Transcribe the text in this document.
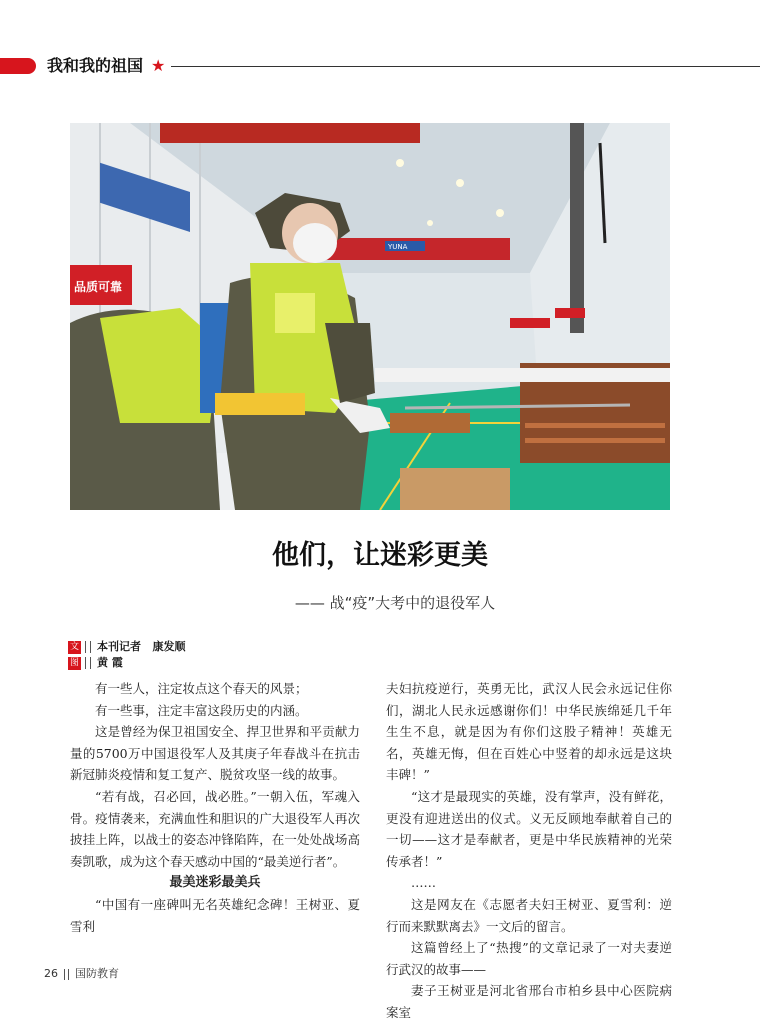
我和我的祖国 ★
品质可靠
YUNA
他们，让迷彩更美
—— 战“疫”大考中的退役军人
文 本刊记者 康发顺
图 黄 霞

有一些人，注定妆点这个春天的风景；

有一些事，注定丰富这段历史的内涵。

这是曾经为保卫祖国安全、捍卫世界和平贡献力量的5700万中国退役军人及其庚子年春战斗在抗击新冠肺炎疫情和复工复产、脱贫攻坚一线的故事。

“若有战，召必回，战必胜。”一朝入伍，军魂入骨。疫情袭来，充满血性和胆识的广大退役军人再次披挂上阵，以战士的姿态冲锋陷阵，在一处处战场高奏凯歌，成为这个春天感动中国的“最美逆行者”。

最美迷彩最美兵

“中国有一座碑叫无名英雄纪念碑！王树亚、夏雪利

夫妇抗疫逆行，英勇无比，武汉人民会永远记住你们，湖北人民永远感谢你们！中华民族绵延几千年生生不息，就是因为有你们这股子精神！英雄无名，英雄无悔，但在百姓心中竖着的却永远是这块丰碑！”

“这才是最现实的英雄，没有掌声，没有鲜花，更没有迎进送出的仪式。义无反顾地奉献着自己的一切——这才是奉献者，更是中华民族精神的光荣传承者！”

……

这是网友在《志愿者夫妇王树亚、夏雪利：逆行而来默默离去》一文后的留言。

这篇曾经上了“热搜”的文章记录了一对夫妻逆行武汉的故事——

妻子王树亚是河北省邢台市柏乡县中心医院病案室

26 国防教育
